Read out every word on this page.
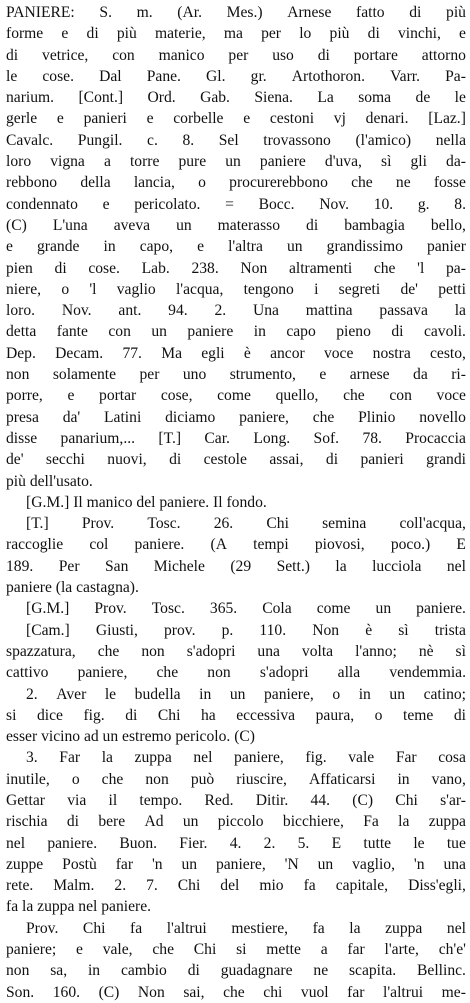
PANIERE: S. m. (Ar. Mes.) Arnese fatto di più
forme e di più materie, ma per lo più di vinchi, e
di vetrice, con manico per uso di portare attorno
le cose. Dal Pane. Gl. gr. Artothoron. Varr. Pa-
narium. [Cont.] Ord. Gab. Siena. La soma de le
gerle e panieri e corbelle e cestoni vj denari. [Laz.]
Cavalc. Pungil. c. 8. Sel trovassono (l'amico) nella
loro vigna a torre pure un paniere d'uva, sì gli da-
rebbono della lancia, o procurerebbono che ne fosse
condennato e pericolato. = Bocc. Nov. 10. g. 8.
(C) L'una aveva un materasso di bambagia bello,
e grande in capo, e l'altra un grandissimo panier
pien di cose. Lab. 238. Non altramenti che 'l pa-
niere, o 'l vaglio l'acqua, tengono i segreti de' petti
loro. Nov. ant. 94. 2. Una mattina passava la
detta fante con un paniere in capo pieno di cavoli.
Dep. Decam. 77. Ma egli è ancor voce nostra cesto,
non solamente per uno strumento, e arnese da ri-
porre, e portar cose, come quello, che con voce
presa da' Latini diciamo paniere, che Plinio novello
disse panarium,... [T.] Car. Long. Sof. 78. Procaccia
de' secchi nuovi, di cestole assai, di panieri grandi
più dell'usato.
[G.M.] Il manico del paniere. Il fondo.
[T.] Prov. Tosc. 26. Chi semina coll'acqua,
raccoglie col paniere. (A tempi piovosi, poco.) E
189. Per San Michele (29 Sett.) la lucciola nel
paniere (la castagna).
[G.M.] Prov. Tosc. 365. Cola come un paniere.
[Cam.] Giusti, prov. p. 110. Non è sì trista
spazzatura, che non s'adopri una volta l'anno; nè sì
cattivo paniere, che non s'adopri alla vendemmia.
2. Aver le budella in un paniere, o in un catino;
si dice fig. di Chi ha eccessiva paura, o teme di
esser vicino ad un estremo pericolo. (C)
3. Far la zuppa nel paniere, fig. vale Far cosa
inutile, o che non può riuscire, Affaticarsi in vano,
Gettar via il tempo. Red. Ditir. 44. (C) Chi s'ar-
rischia di bere Ad un piccolo bicchiere, Fa la zuppa
nel paniere. Buon. Fier. 4. 2. 5. E tutte le tue
zuppe Postù far 'n un paniere, 'N un vaglio, 'n una
rete. Malm. 2. 7. Chi del mio fa capitale, Diss'egli,
fa la zuppa nel paniere.
Prov. Chi fa l'altrui mestiere, fa la zuppa nel
paniere; e vale, che Chi si mette a far l'arte, ch'e'
non sa, in cambio di guadagnare ne scapita. Bellinc.
Son. 160. (C) Non sai, che chi vuol far l'altrui me-
